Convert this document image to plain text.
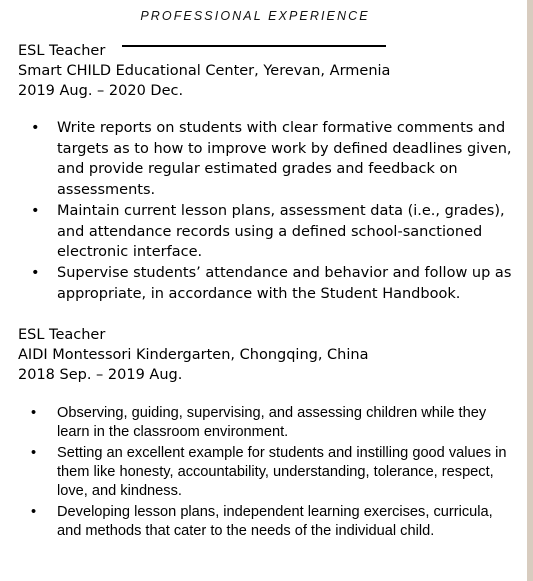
PROFESSIONAL EXPERIENCE
ESL Teacher
Smart CHILD Educational Center, Yerevan, Armenia
2019 Aug. – 2020 Dec.
• Write reports on students with clear formative comments and targets as to how to improve work by defined deadlines given, and provide regular estimated grades and feedback on assessments.
• Maintain current lesson plans, assessment data (i.e., grades), and attendance records using a defined school-sanctioned electronic interface.
• Supervise students’ attendance and behavior and follow up as appropriate, in accordance with the Student Handbook.
ESL Teacher
AIDI Montessori Kindergarten, Chongqing, China
2018 Sep. – 2019 Aug.
• Observing, guiding, supervising, and assessing children while they learn in the classroom environment.
• Setting an excellent example for students and instilling good values in them like honesty, accountability, understanding, tolerance, respect, love, and kindness.
• Developing lesson plans, independent learning exercises, curricula, and methods that cater to the needs of the individual child.
